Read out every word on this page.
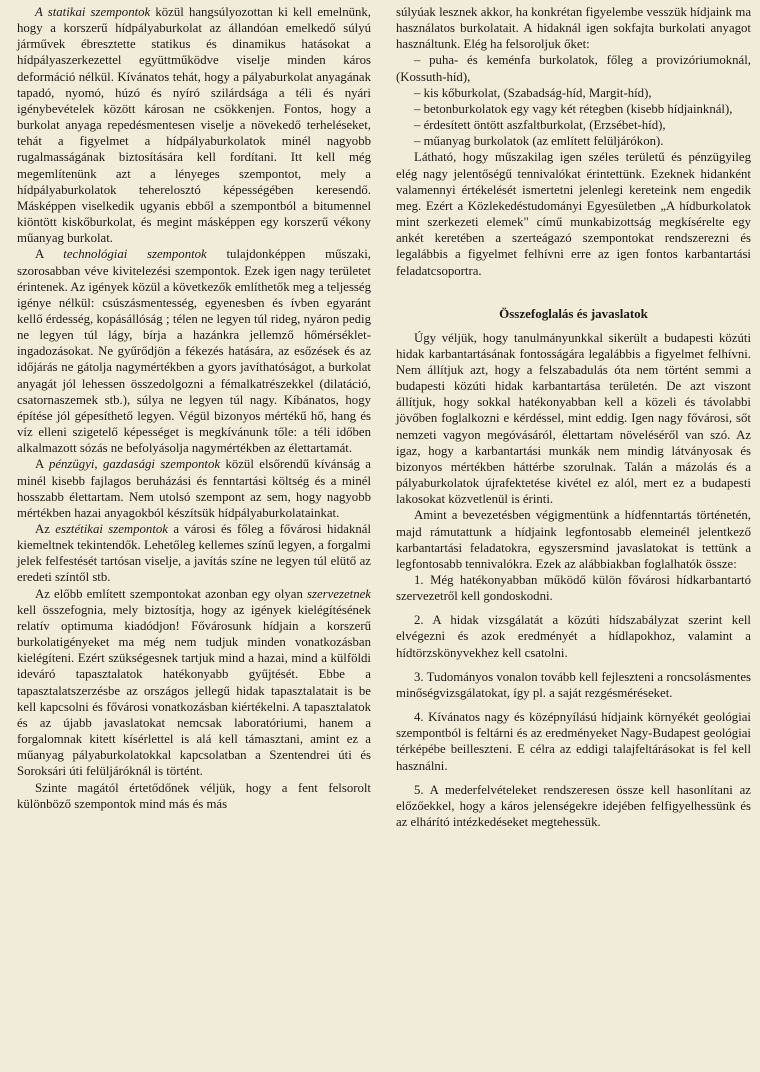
A statikai szempontok közül hangsúlyozottan ki kell emelnünk, hogy a korszerű hídpályaburkolat az állandóan emelkedő súlyú járművek ébresztette statikus és dinamikus hatásokat a hídpályaszerkezettel együttműködve viselje minden káros deformáció nélkül. Kívánatos tehát, hogy a pályaburkolat anyagának tapadó, nyomó, húzó és nyíró szilárdsága a téli és nyári igénybevételek között károsan ne csökkenjen. Fontos, hogy a burkolat anyaga repedésmentesen viselje a növekedő terheléseket, tehát a figyelmet a hídpályaburkolatok minél nagyobb rugalmasságának biztosítására kell fordítani. Itt kell még megemlítenünk azt a lényeges szempontot, mely a hídpályaburkolatok teherelosztó képességében keresendő. Másképpen viselkedik ugyanis ebből a szempontból a bitumennel kiöntött kiskőburkolat, és megint másképpen egy korszerű vékony műanyag burkolat.

A technológiai szempontok tulajdonképpen műszaki, szorosabban véve kivitelezési szempontok. Ezek igen nagy területet érintenek. Az igények közül a következők említhetők meg a teljesség igénye nélkül: csúszásmentesség, egyenesben és ívben egyaránt kellő érdesség, kopásállóság ; télen ne legyen túl rideg, nyáron pedig ne legyen túl lágy, bírja a hazánkra jellemző hőmérséklet-ingadozásokat. Ne gyűrődjön a fékezés hatására, az esőzések és az időjárás ne gátolja nagymértékben a gyors javíthatóságot, a burkolat anyagát jól lehessen összedolgozni a fémalkatrészekkel (dilatáció, csatornaszemek stb.), súlya ne legyen túl nagy. Kíbánatos, hogy építése jól gépesíthető legyen. Végül bizonyos mértékű hő, hang és víz elleni szigetelő képességet is megkívánunk tőle: a téli időben alkalmazott sózás ne befolyásolja nagymértékben az élettartamát.

A pénzügyi, gazdasági szempontok közül elsőrendű kívánság a minél kisebb fajlagos beruházási és fenntartási költség és a minél hosszabb élettartam. Nem utolsó szempont az sem, hogy nagyobb mértékben hazai anyagokból készítsük hídpályaburkolatainkat.

Az esztétikai szempontok a városi és főleg a fővárosi hidaknál kiemeltnek tekintendők. Lehetőleg kellemes színű legyen, a forgalmi jelek felfestését tartósan viselje, a javítás színe ne legyen túl elütő az eredeti színtől stb.

Az előbb említett szempontokat azonban egy olyan szervezetnek kell összefognia, mely biztosítja, hogy az igények kielégítésének relatív optimuma kiadódjon! Fővárosunk hídjain a korszerű burkolatigényeket ma még nem tudjuk minden vonatkozásban kielégíteni. Ezért szükségesnek tartjuk mind a hazai, mind a külföldi ideváró tapasztalatok hatékonyabb gyűjtését. Ebbe a tapasztalatszerzésbe az országos jellegű hidak tapasztalatait is be kell kapcsolni és fővárosi vonatkozásban kiértékelni. A tapasztalatok és az újabb javaslatokat nemcsak laboratóriumi, hanem a forgalomnak kitett kísérlettel is alá kell támasztani, amint ez a műanyag pályaburkolatokkal kapcsolatban a Szentendrei úti és Soroksári úti felüljáróknál is történt.

Szinte magától értetődőnek véljük, hogy a fent felsorolt különböző szempontok mind más és más

súlyúak lesznek akkor, ha konkrétan figyelembe vesszük hídjaink ma használatos burkolatait. A hidaknál igen sokfajta burkolati anyagot használtunk. Elég ha felsoroljuk őket:

– puha- és keménfa burkolatok, főleg a provizóriumoknál, (Kossuth-híd),

– kis kőburkolat, (Szabadság-híd, Margit-híd),

– betonburkolatok egy vagy két rétegben (kisebb hídjainknál),

– érdesített öntött aszfaltburkolat, (Erzsébet-híd),

– műanyag burkolatok (az említett felüljárókon).

Látható, hogy műszakilag igen széles területű és pénzügyileg elég nagy jelentőségű tennivalókat érintettünk. Ezeknek hidanként valamennyi értékelését ismertetni jelenlegi kereteink nem engedik meg. Ezért a Közlekedéstudományi Egyesületben „A hídburkolatok mint szerkezeti elemek" című munkabizottság megkísérelte egy ankét keretében a szerteágazó szempontokat rendszerezni és legalábbis a figyelmet felhívni erre az igen fontos karbantartási feladatcsoportra.

Összefoglalás és javaslatok

Úgy véljük, hogy tanulmányunkkal sikerült a budapesti közúti hidak karbantartásának fontosságára legalábbis a figyelmet felhívni. Nem állítjuk azt, hogy a felszabadulás óta nem történt semmi a budapesti közúti hidak karbantartása területén. De azt viszont állítjuk, hogy sokkal hatékonyabban kell a közeli és távolabbi jövőben foglalkozni e kérdéssel, mint eddig. Igen nagy fővárosi, sőt nemzeti vagyon megóvásáról, élettartam növeléséről van szó. Az igaz, hogy a karbantartási munkák nem mindig látványosak és bizonyos mértékben háttérbe szorulnak. Talán a mázolás és a pályaburkolatok újrafektetése kivétel ez alól, mert ez a budapesti lakosokat közvetlenül is érinti.

Amint a bevezetésben végigmentünk a hídfenntartás történetén, majd rámutattunk a hídjaink legfontosabb elemeinél jelentkező karbantartási feladatokra, egyszersmind javaslatokat is tettünk a legfontosabb tennivalókra. Ezek az alábbiakban foglalhatók össze:

1. Még hatékonyabban működő külön fővárosi hídkarbantartó szervezetről kell gondoskodni.
2. A hidak vizsgálatát a közúti hídszabályzat szerint kell elvégezni és azok eredményét a hídlapokhoz, valamint a hídtörzskönyvekhez kell csatolni.
3. Tudományos vonalon tovább kell fejleszteni a roncsolásmentes minőségvizsgálatokat, így pl. a saját rezgésméréseket.
4. Kívánatos nagy és középnyílású hídjaink környékét geológiai szempontból is feltárni és az eredményeket Nagy-Budapest geológiai térképébe beilleszteni. E célra az eddigi talajfeltárásokat is fel kell használni.
5. A mederfelvételeket rendszeresen össze kell hasonlítani az előzőekkel, hogy a káros jelenségekre idejében felfigyelhessünk és az elhárító intézkedéseket megtehessük.
